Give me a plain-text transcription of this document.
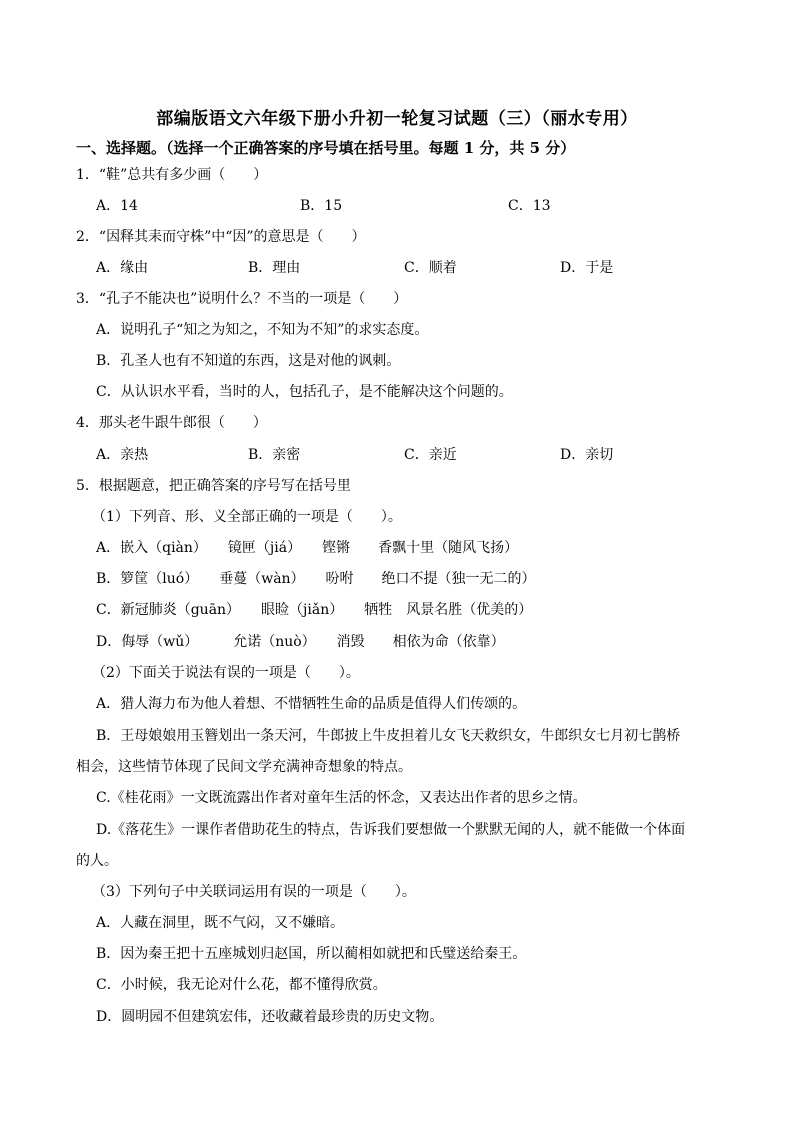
部编版语文六年级下册小升初一轮复习试题（三）（丽水专用）
一、选择题。（选择一个正确答案的序号填在括号里。每题 1 分，共 5 分）
1．“鞋”总共有多少画（　　）
A．14	B．15	C．13
2．“因释其耒而守株”中“因”的意思是（　　）
A．缘由	B．理由	C．顺着	D．于是
3．“孔子不能决也”说明什么？不当的一项是（　　）
A．说明孔子“知之为知之，不知为不知”的求实态度。
B．孔圣人也有不知道的东西，这是对他的讽刺。
C．从认识水平看，当时的人，包括孔子，是不能解决这个问题的。
4．那头老牛跟牛郎很（　　）
A．亲热	B．亲密	C．亲近	D．亲切
5．根据题意，把正确答案的序号写在括号里
（1）下列音、形、义全部正确的一项是（　　）。
A．嵌入（qiàn）　　镜匣（jiá）　　铿锵　　香飘十里（随风飞扬）
B．箩筐（luó）　　垂蔓（wàn）　　吩咐　　绝口不提（独一无二的）
C．新冠肺炎（guān）　　眼睑（jiǎn）　　牺牲　风景名胜（优美的）
D．侮辱（wǔ）　　　允诺（nuò）　　消毁　　相依为命（依靠）
（2）下面关于说法有误的一项是（　　）。
A．猎人海力布为他人着想、不惜牺牲生命的品质是值得人们传颂的。
B．王母娘娘用玉簪划出一条天河，牛郎披上牛皮担着儿女飞天救织女，牛郎织女七月初七鹊桥
相会，这些情节体现了民间文学充满神奇想象的特点。
C.《桂花雨》一文既流露出作者对童年生活的怀念，又表达出作者的思乡之情。
D.《落花生》一课作者借助花生的特点，告诉我们要想做一个默默无闻的人，就不能做一个体面
的人。
（3）下列句子中关联词运用有误的一项是（　　）。
A．人藏在洞里，既不气闷，又不嫌暗。
B．因为秦王把十五座城划归赵国，所以蔺相如就把和氏璧送给秦王。
C．小时候，我无论对什么花，都不懂得欣赏。
D．圆明园不但建筑宏伟，还收藏着最珍贵的历史文物。
